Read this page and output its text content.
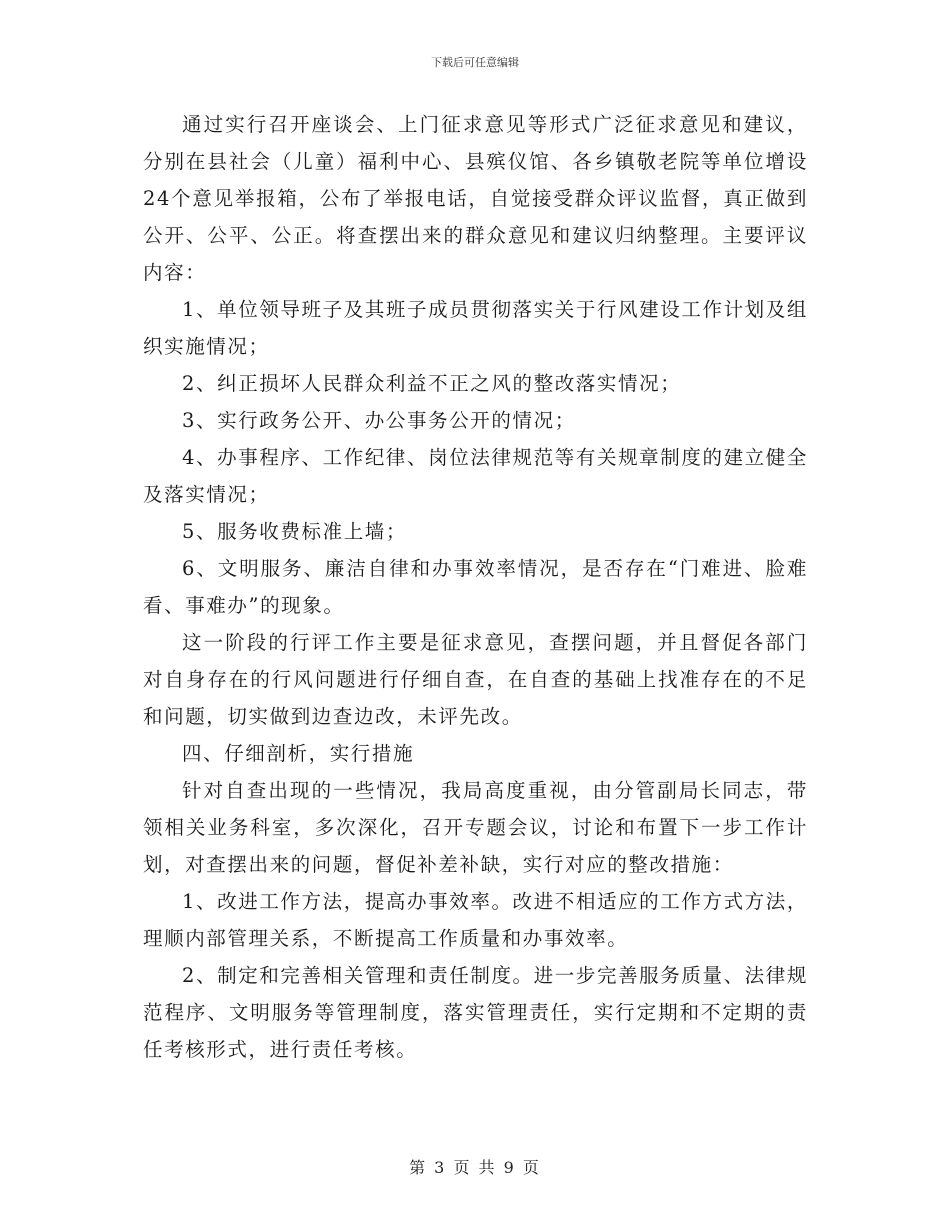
下载后可任意编辑

通过实行召开座谈会、上门征求意见等形式广泛征求意见和建议，分别在县社会（儿童）福利中心、县殡仪馆、各乡镇敬老院等单位增设24个意见举报箱，公布了举报电话，自觉接受群众评议监督，真正做到公开、公平、公正。将查摆出来的群众意见和建议归纳整理。主要评议内容：

1、单位领导班子及其班子成员贯彻落实关于行风建设工作计划及组织实施情况；

2、纠正损坏人民群众利益不正之风的整改落实情况；

3、实行政务公开、办公事务公开的情况；

4、办事程序、工作纪律、岗位法律规范等有关规章制度的建立健全及落实情况；

5、服务收费标准上墙；

6、文明服务、廉洁自律和办事效率情况，是否存在“门难进、脸难看、事难办”的现象。

这一阶段的行评工作主要是征求意见，查摆问题，并且督促各部门对自身存在的行风问题进行仔细自查，在自查的基础上找准存在的不足和问题，切实做到边查边改，未评先改。

四、仔细剖析，实行措施

针对自查出现的一些情况，我局高度重视，由分管副局长同志，带领相关业务科室，多次深化，召开专题会议，讨论和布置下一步工作计划，对查摆出来的问题，督促补差补缺，实行对应的整改措施：

1、改进工作方法，提高办事效率。改进不相适应的工作方式方法，理顺内部管理关系，不断提高工作质量和办事效率。

2、制定和完善相关管理和责任制度。进一步完善服务质量、法律规范程序、文明服务等管理制度，落实管理责任，实行定期和不定期的责任考核形式，进行责任考核。

第 3 页 共 9 页
